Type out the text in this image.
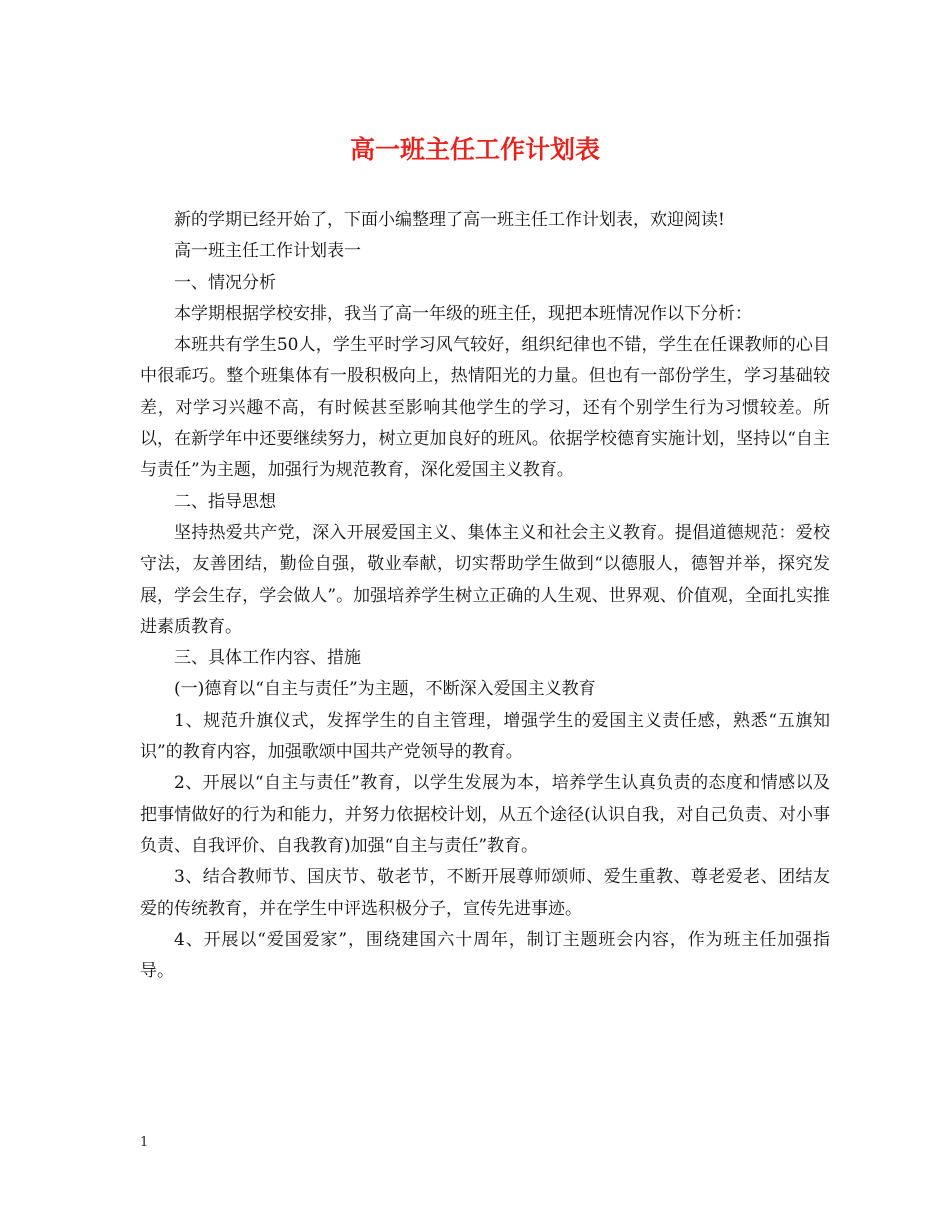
高一班主任工作计划表

新的学期已经开始了，下面小编整理了高一班主任工作计划表，欢迎阅读!

高一班主任工作计划表一

一、情况分析

本学期根据学校安排，我当了高一年级的班主任，现把本班情况作以下分析：

本班共有学生50人，学生平时学习风气较好，组织纪律也不错，学生在任课教师的心目中很乖巧。整个班集体有一股积极向上，热情阳光的力量。但也有一部份学生，学习基础较差，对学习兴趣不高，有时候甚至影响其他学生的学习，还有个别学生行为习惯较差。所以，在新学年中还要继续努力，树立更加良好的班风。依据学校德育实施计划，坚持以“自主与责任”为主题，加强行为规范教育，深化爱国主义教育。

二、指导思想

坚持热爱共产党，深入开展爱国主义、集体主义和社会主义教育。提倡道德规范：爱校守法，友善团结，勤俭自强，敬业奉献，切实帮助学生做到“以德服人，德智并举，探究发展，学会生存，学会做人”。加强培养学生树立正确的人生观、世界观、价值观，全面扎实推进素质教育。

三、具体工作内容、措施

(一)德育以“自主与责任”为主题，不断深入爱国主义教育

1、规范升旗仪式，发挥学生的自主管理，增强学生的爱国主义责任感，熟悉“五旗知识”的教育内容，加强歌颂中国共产党领导的教育。

2、开展以“自主与责任”教育，以学生发展为本，培养学生认真负责的态度和情感以及把事情做好的行为和能力，并努力依据校计划，从五个途径(认识自我，对自己负责、对小事负责、自我评价、自我教育)加强“自主与责任”教育。

3、结合教师节、国庆节、敬老节，不断开展尊师颂师、爱生重教、尊老爱老、团结友爱的传统教育，并在学生中评选积极分子，宣传先进事迹。

4、开展以“爱国爱家”，围绕建国六十周年，制订主题班会内容，作为班主任加强指导。

1
